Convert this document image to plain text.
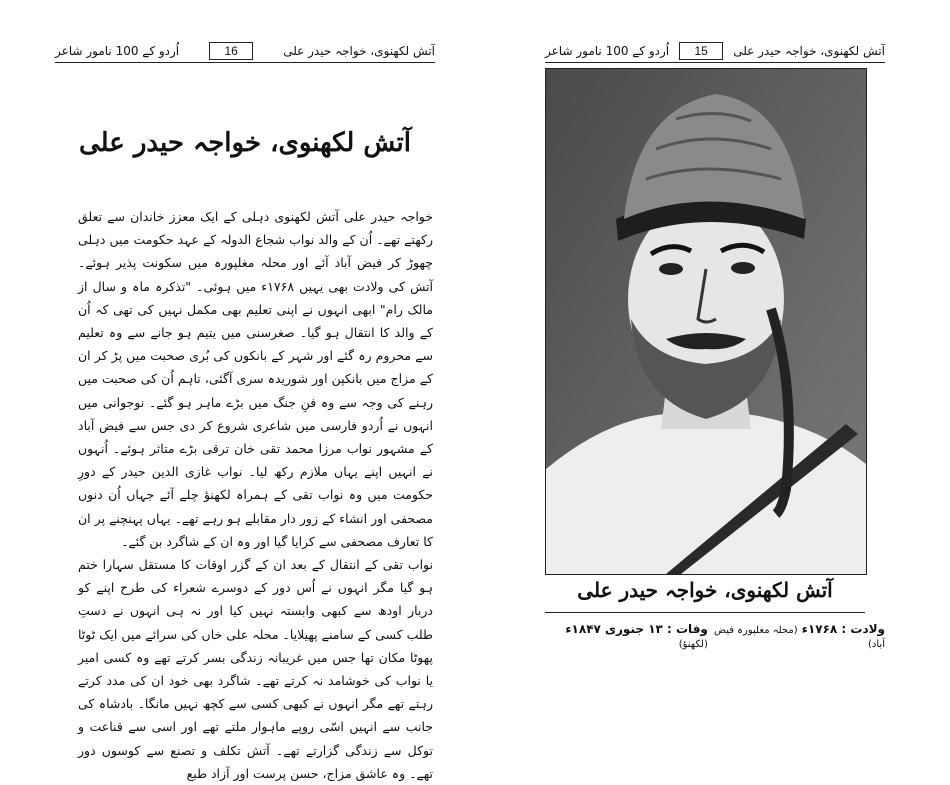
آتش لکھنوی، خواجہ حیدر علی
16
اُردو کے 100 نامور شاعر
آتش لکھنوی، خواجہ حیدر علی

خواجہ حیدر علی آتش لکھنوی دہلی کے ایک معزز خاندان سے تعلق رکھتے تھے۔ اُن کے والد نواب شجاع الدولہ کے عہد حکومت میں دہلی چھوڑ کر فیض آباد آئے اور محلہ مغلپورہ میں سکونت پذیر ہوئے۔ آتش کی ولادت بھی یہیں ۱۷۶۸ء میں ہوئی۔ "تذکرہ ماہ و سال از مالک رام" ابھی انہوں نے اپنی تعلیم بھی مکمل نہیں کی تھی کہ اُن کے والد کا انتقال ہو گیا۔ صغرسنی میں یتیم ہو جانے سے وہ تعلیم سے محروم رہ گئے اور شہر کے بانکوں کی بُری صحبت میں پڑ کر ان کے مزاج میں بانکپن اور شوریدہ سری آگئی، تاہم اُن کی صحبت میں رہنے کی وجہ سے وہ فنِ جنگ میں بڑے ماہر ہو گئے۔ نوجوانی میں انہوں نے اُردو فارسی میں شاعری شروع کر دی جس سے فیض آباد کے مشہور نواب مرزا محمد تقی خان ترقی بڑے متاثر ہوئے۔ اُنہوں نے انہیں اپنے یہاں ملازم رکھ لیا۔ نواب غازی الدین حیدر کے دورِ حکومت میں وہ نواب تقی کے ہمراہ لکھنؤ چلے آئے جہاں اُن دنوں مصحفی اور انشاء کے زور دار مقابلے ہو رہے تھے۔ یہاں پہنچنے پر ان کا تعارف مصحفی سے کرایا گیا اور وہ ان کے شاگرد بن گئے۔

نواب تقی کے انتقال کے بعد ان کے گزر اوقات کا مستقل سہارا ختم ہو گیا مگر انہوں نے اُس دور کے دوسرے شعراء کی طرح اپنے کو دربار اودھ سے کبھی وابستہ نہیں کیا اور نہ ہی انہوں نے دستِ طلب کسی کے سامنے پھیلایا۔ محلہ علی خاں کی سرائے میں ایک ٹوٹا پھوٹا مکان تھا جس میں غریبانہ زندگی بسر کرتے تھے وہ کسی امیر یا نواب کی خوشامد نہ کرتے تھے۔ شاگرد بھی خود ان کی مدد کرتے رہتے تھے مگر انہوں نے کبھی کسی سے کچھ نہیں مانگا۔ بادشاہ کی جانب سے انہیں اسّی روپے ماہوار ملتے تھے اور اسی سے قناعت و توکل سے زندگی گزارتے تھے۔ آتش تکلف و تصنع سے کوسوں دور تھے۔ وہ عاشق مزاج، حسن پرست اور آزاد طبع

آتش لکھنوی، خواجہ حیدر علی
15
اُردو کے 100 نامور شاعر
آتش لکھنوی، خواجہ حیدر علی
ولادت : ۱۷۶۸ء (محلہ مغلپورہ فیض آباد)
وفات : ۱۳ جنوری ۱۸۴۷ء (لکھنؤ)
